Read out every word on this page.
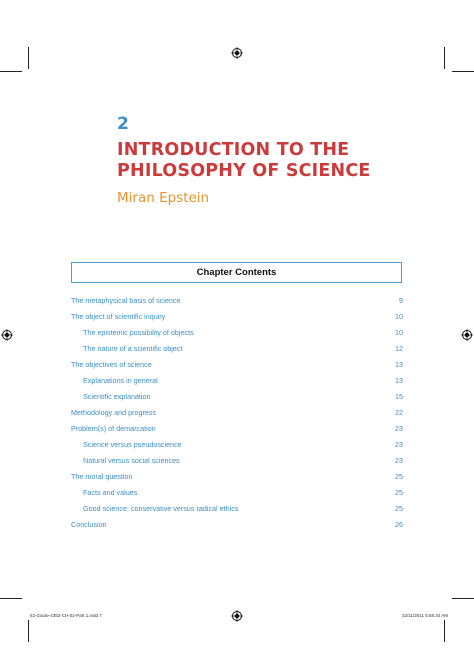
2
INTRODUCTION TO THE PHILOSOPHY OF SCIENCE
Miran Epstein
Chapter Contents
The metaphysical basis of science	9
The object of scientific inquiry	10
The epistemic possibility of objects	10
The nature of a scientific object	12
The objectives of science	13
Explanations in general	13
Scientific explanation	15
Methodology and progress	22
Problem(s) of demarcation	23
Science versus pseudoscience	23
Natural versus social sciences	23
The moral question	25
Facts and values	25
Good science: conservative versus radical ethics	25
Conclusion	26
52-Gaute-4352-CH-02-Part 1.indd 7	22/11/2011 5:58:34 AM
